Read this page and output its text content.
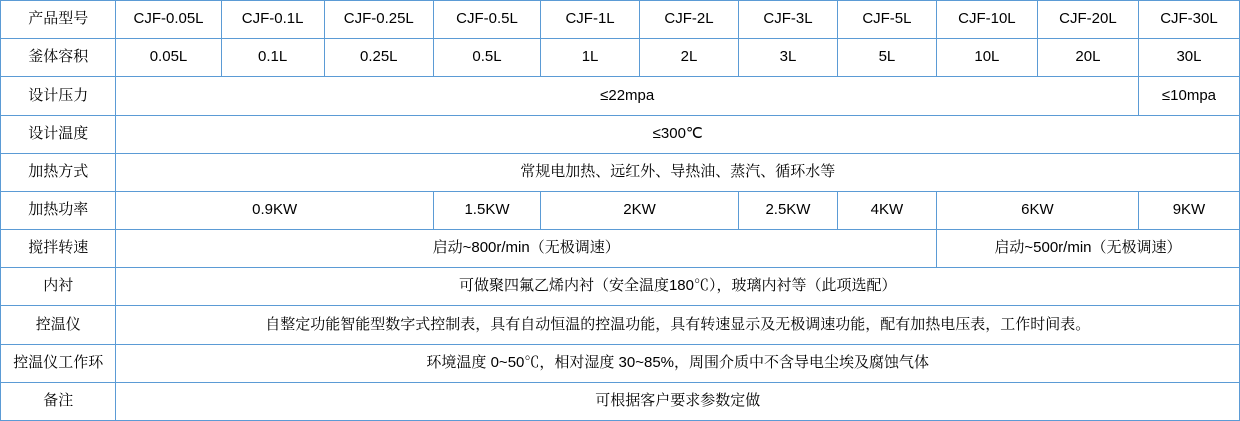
产品型号	CJF-0.05L	CJF-0.1L	CJF-0.25L	CJF-0.5L	CJF-1L	CJF-2L	CJF-3L	CJF-5L	CJF-10L	CJF-20L	CJF-30L
釜体容积	0.05L	0.1L	0.25L	0.5L	1L	2L	3L	5L	10L	20L	30L
设计压力	≤22mpa										≤10mpa
设计温度	≤300℃										
加热方式	常规电加热、远红外、导热油、蒸汽、循环水等										
加热功率	0.9KW			1.5KW	2KW		2.5KW	4KW	6KW		9KW
搅拌转速	启动~800r/min（无极调速）								启动~500r/min（无极调速）		
内衬	可做聚四氟乙烯内衬（安全温度180℃），玻璃内衬等（此项选配）										
控温仪	自整定功能智能型数字式控制表，具有自动恒温的控温功能，具有转速显示及无极调速功能，配有加热电压表，工作时间表。										
控温仪工作环	环境温度 0~50℃，相对湿度 30~85%，周围介质中不含导电尘埃及腐蚀气体										
备注	可根据客户要求参数定做										
